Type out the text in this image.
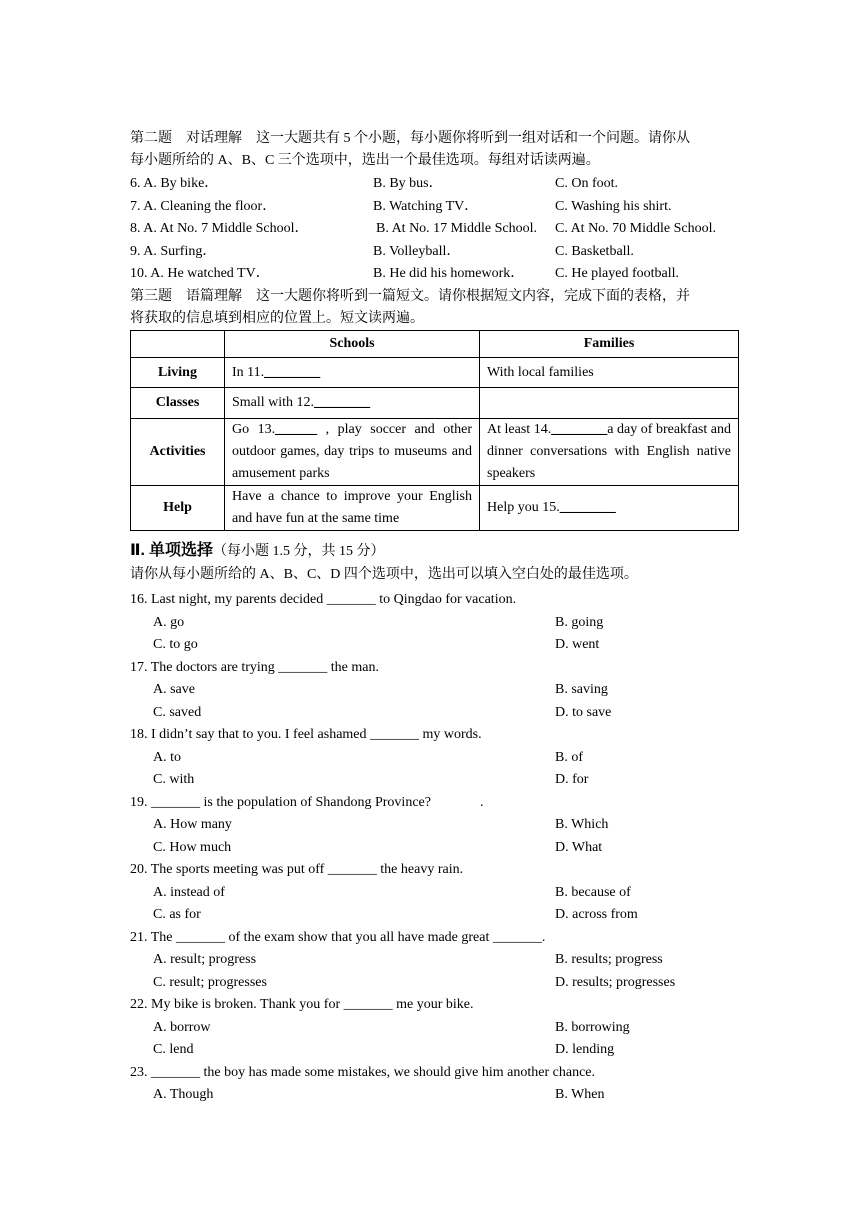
第二题　对话理解　这一大题共有 5 个小题，每小题你将听到一组对话和一个问题。请你从
每小题所给的 A、B、C 三个选项中，选出一个最佳选项。每组对话读两遍。
6. A. By bike．	B. By bus．	C. On foot.
7. A. Cleaning the floor．	B. Watching TV．	C. Washing his shirt.
8. A. At No. 7 Middle School．	B. At No. 17 Middle School. C. At No. 70 Middle School.
9. A. Surfing．	B. Volleyball．	C. Basketball.
10. A. He watched TV．	B. He did his homework． C. He played football.
第三题　语篇理解　这一大题你将听到一篇短文。请你根据短文内容，完成下面的表格，并
将获取的信息填到相应的位置上。短文读两遍。
	Schools	Families
Living	In 11.________	With local families
Classes	Small with 12.________	
Activities	Go 13.______ , play soccer and other outdoor games, day trips to museums and amusement parks	At least 14.________a day of breakfast and dinner conversations with English native speakers
Help	Have a chance to improve your English and have fun at the same time	Help you 15.________
Ⅱ. 单项选择（每小题 1.5 分，共 15 分）
请你从每小题所给的 A、B、C、D 四个选项中，选出可以填入空白处的最佳选项。
16. Last night, my parents decided _______ to Qingdao for vacation.
A. go	B. going
C. to go	D. went
17. The doctors are trying _______ the man.
A. save	B. saving
C. saved	D. to save
18. I didn’t say that to you. I feel ashamed _______ my words.
A. to	B. of
C. with	D. for
19. _______ is the population of Shandong Province?              .
A. How many	B. Which
C. How much	D. What
20. The sports meeting was put off _______ the heavy rain.
A. instead of	B. because of
C. as for	D. across from
21. The _______ of the exam show that you all have made great _______.
A. result; progress	B. results; progress
C. result; progresses	D. results; progresses
22. My bike is broken. Thank you for _______ me your bike.
A. borrow	B. borrowing
C. lend	D. lending
23. _______ the boy has made some mistakes, we should give him another chance.
A. Though	B. When
